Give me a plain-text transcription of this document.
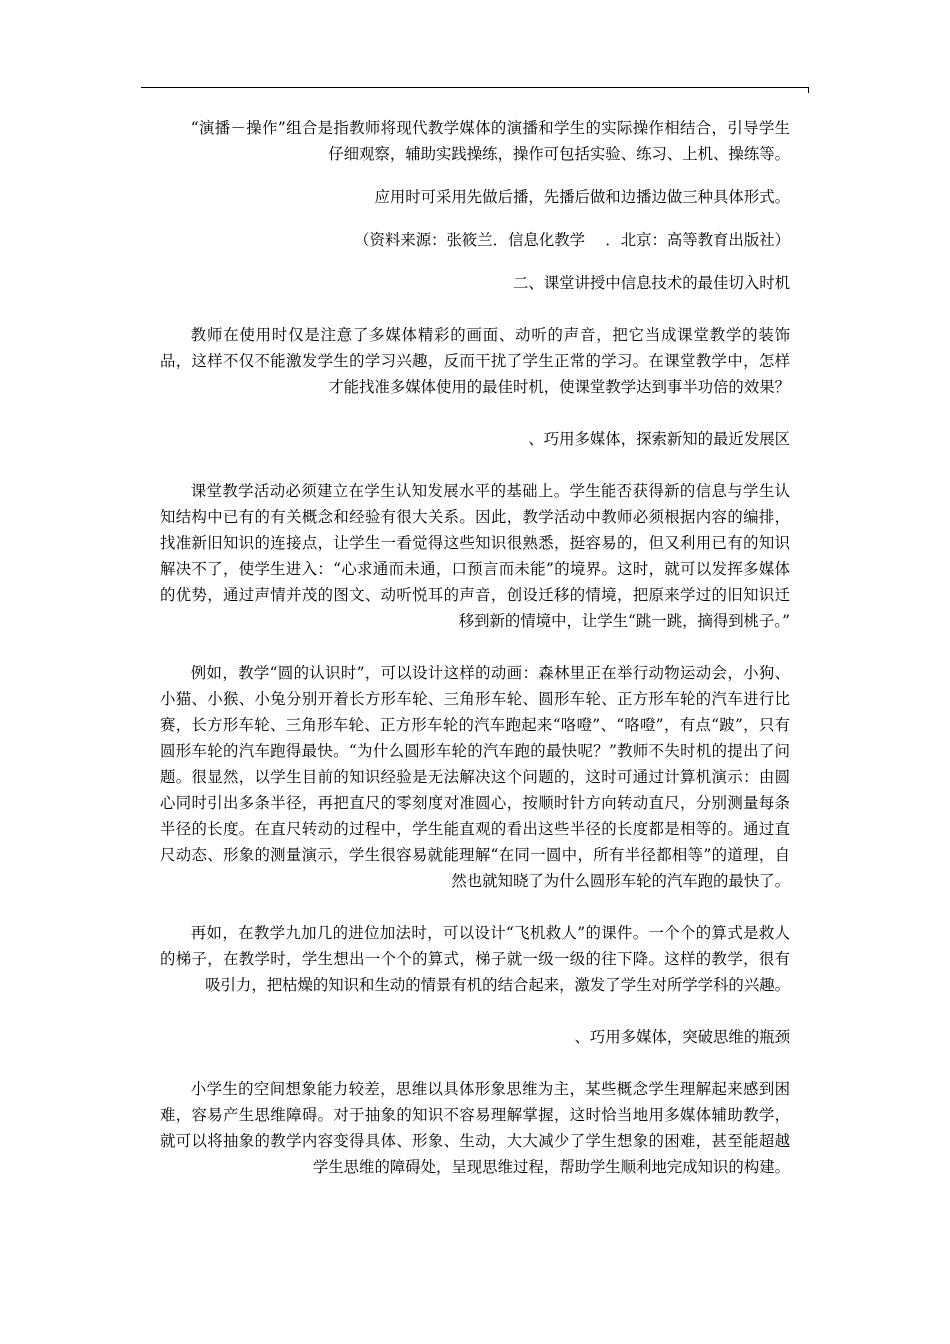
“演播－操作”组合是指教师将现代教学媒体的演播和学生的实际操作相结合，引导学生仔细观察，辅助实践操练，操作可包括实验、练习、上机、操练等。

应用时可采用先做后播，先播后做和边播边做三种具体形式。

（资料来源：张筱兰．信息化教学　 ．北京：高等教育出版社）

二、课堂讲授中信息技术的最佳切入时机

教师在使用时仅是注意了多媒体精彩的画面、动听的声音，把它当成课堂教学的装饰品，这样不仅不能激发学生的学习兴趣，反而干扰了学生正常的学习。在课堂教学中，怎样才能找准多媒体使用的最佳时机，使课堂教学达到事半功倍的效果？

、巧用多媒体，探索新知的最近发展区

课堂教学活动必须建立在学生认知发展水平的基础上。学生能否获得新的信息与学生认知结构中已有的有关概念和经验有很大关系。因此，教学活动中教师必须根据内容的编排，找准新旧知识的连接点，让学生一看觉得这些知识很熟悉，挺容易的，但又利用已有的知识解决不了，使学生进入：“心求通而未通，口预言而未能”的境界。这时，就可以发挥多媒体的优势，通过声情并茂的图文、动听悦耳的声音，创设迁移的情境，把原来学过的旧知识迁移到新的情境中，让学生“跳一跳，摘得到桃子。”

例如，教学“圆的认识时”，可以设计这样的动画：森林里正在举行动物运动会，小狗、小猫、小猴、小兔分别开着长方形车轮、三角形车轮、圆形车轮、正方形车轮的汽车进行比赛，长方形车轮、三角形车轮、正方形车轮的汽车跑起来“咯噔”、“咯噔”，有点“跛”，只有圆形车轮的汽车跑得最快。“为什么圆形车轮的汽车跑的最快呢？”教师不失时机的提出了问题。很显然，以学生目前的知识经验是无法解决这个问题的，这时可通过计算机演示：由圆心同时引出多条半径，再把直尺的零刻度对准圆心，按顺时针方向转动直尺，分别测量每条半径的长度。在直尺转动的过程中，学生能直观的看出这些半径的长度都是相等的。通过直尺动态、形象的测量演示，学生很容易就能理解“在同一圆中，所有半径都相等”的道理，自然也就知晓了为什么圆形车轮的汽车跑的最快了。

再如，在教学九加几的进位加法时，可以设计“飞机救人”的课件。一个个的算式是救人的梯子，在教学时，学生想出一个个的算式，梯子就一级一级的往下降。这样的教学，很有吸引力，把枯燥的知识和生动的情景有机的结合起来，激发了学生对所学学科的兴趣。

、巧用多媒体，突破思维的瓶颈

小学生的空间想象能力较差，思维以具体形象思维为主，某些概念学生理解起来感到困难，容易产生思维障碍。对于抽象的知识不容易理解掌握，这时恰当地用多媒体辅助教学，就可以将抽象的教学内容变得具体、形象、生动，大大减少了学生想象的困难，甚至能超越学生思维的障碍处，呈现思维过程，帮助学生顺利地完成知识的构建。
